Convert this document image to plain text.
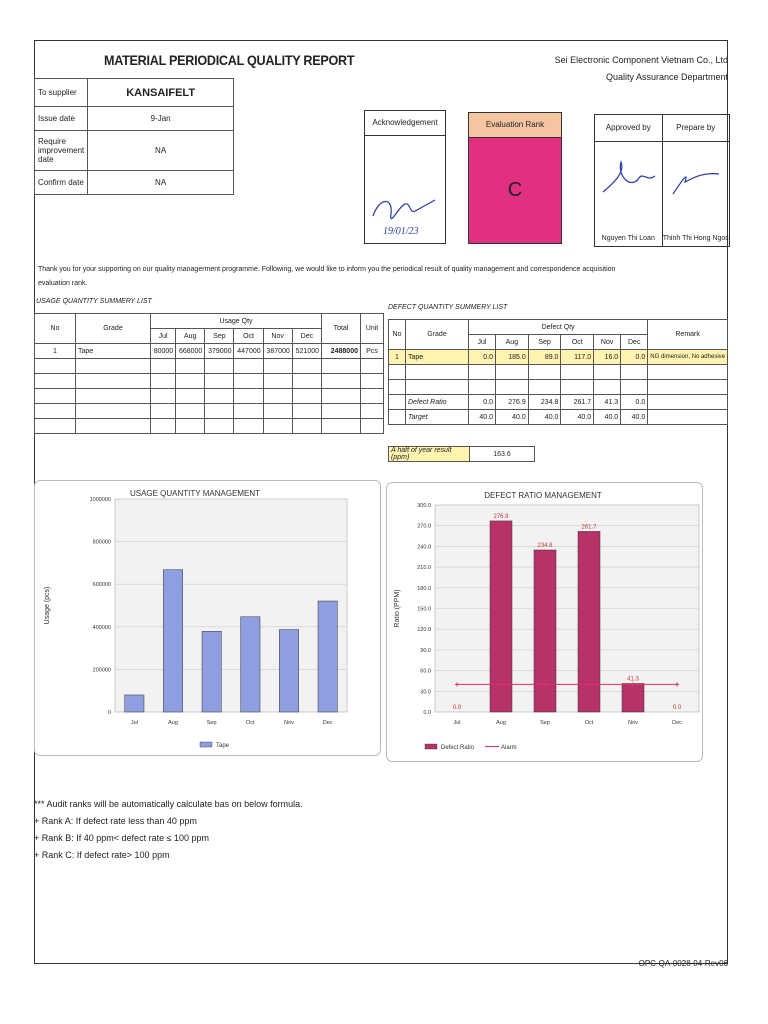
MATERIAL PERIODICAL QUALITY REPORT	Sei Electronic Component Vietnam Co., Ltd
Quality Assurance Department
To supplier	KANSAIFELT
Issue date	9-Jan
Require improvement date	NA
Confirm date	NA
Acknowledgement
19/01/23
Evaluation Rank
C
Approved by	Prepare by
Nguyen Thi Loan	Thinh Thi Hong Ngoc
Thank you for your supporting on our quality managerment programme. Following, we would like to inform you the periodical result of quality management and correspondence acquisition
evaluation rank.
USAGE QUANTITY SUMMERY LIST
DEFECT QUANTITY SUMMERY LIST
No	Grade	Usage Qty						Total	Unit
		Jul	Aug	Sep	Oct	Nov	Dec		
1	Tape	80000	668000	379000	447000	387000	521000	2488000	Pcs

No	Grade	Defect Qty						Remark
		Jul	Aug	Sep	Oct	Nov	Dec	
1	Tape	0.0	185.0	89.0	117.0	16.0	0.0	NG dimension, No adhesive

	Defect Ratio	0.0	276.9	234.8	261.7	41.3	0.0	
	Target	40.0	40.0	40.0	40.0	40.0	40.0	
A haft of year result (ppm)	163.6
USAGE QUANTITY MANAGEMENT
0
200000
400000
600000
800000
1000000
Usage (pcs)
Jul	Aug	Sep	Oct	Nov	Dec
Tape
DEFECT RATIO MANAGEMENT
0.0
30.0
60.0
90.0
120.0
150.0
180.0
210.0
240.0
270.0
300.0
Ratio (PPM)
Jul
0.0
Aug
276.9
Sep
234.8
Oct
261.7
Nov
41.3
Dec
0.0
Defect Ratio	Alarm
*** Audit ranks will be automatically calculate bas on below formula.
+ Rank A: If defect rate less than 40 ppm
+ Rank B: If 40 ppm< defect rate ≤ 100 ppm
+ Rank C: If defect rate> 100 ppm
OPC-QA-0028-04-Rev06
